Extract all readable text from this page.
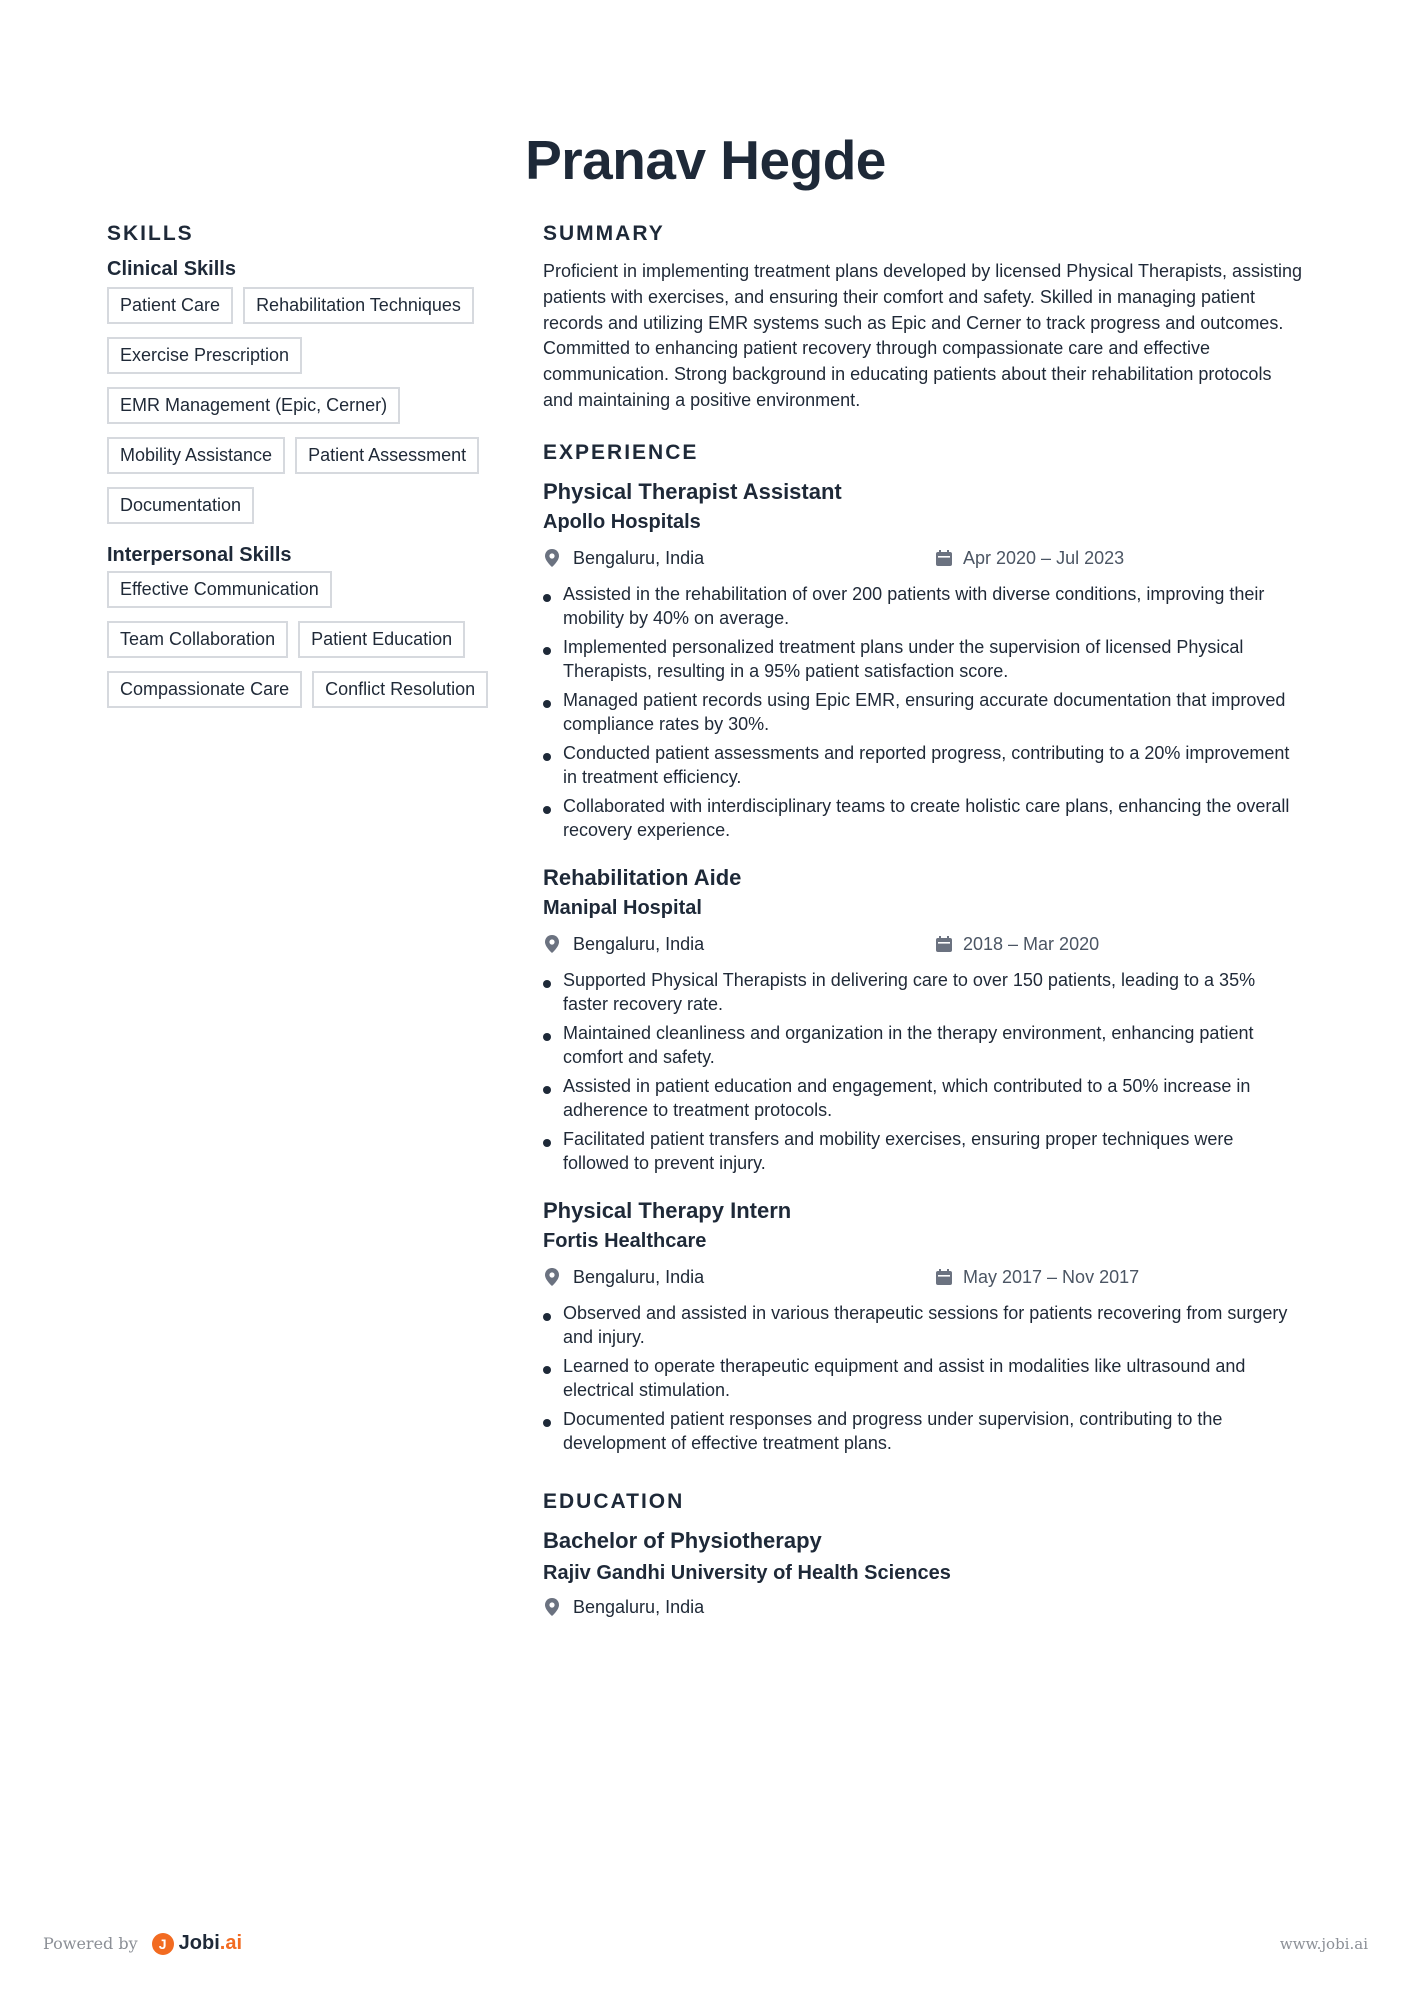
Pranav Hegde
SKILLS
Clinical Skills
Patient Care	Rehabilitation Techniques
Exercise Prescription
EMR Management (Epic, Cerner)
Mobility Assistance	Patient Assessment
Documentation
Interpersonal Skills
Effective Communication
Team Collaboration	Patient Education
Compassionate Care	Conflict Resolution
SUMMARY

Proficient in implementing treatment plans developed by licensed Physical Therapists, assisting patients with exercises, and ensuring their comfort and safety. Skilled in managing patient records and utilizing EMR systems such as Epic and Cerner to track progress and outcomes. Committed to enhancing patient recovery through compassionate care and effective communication. Strong background in educating patients about their rehabilitation protocols and maintaining a positive environment.

EXPERIENCE
Physical Therapist Assistant
Apollo Hospitals
Bengaluru, India	Apr 2020 – Jul 2023
Assisted in the rehabilitation of over 200 patients with diverse conditions, improving their mobility by 40% on average.
Implemented personalized treatment plans under the supervision of licensed Physical Therapists, resulting in a 95% patient satisfaction score.
Managed patient records using Epic EMR, ensuring accurate documentation that improved compliance rates by 30%.
Conducted patient assessments and reported progress, contributing to a 20% improvement in treatment efficiency.
Collaborated with interdisciplinary teams to create holistic care plans, enhancing the overall recovery experience.
Rehabilitation Aide
Manipal Hospital
Bengaluru, India	2018 – Mar 2020
Supported Physical Therapists in delivering care to over 150 patients, leading to a 35% faster recovery rate.
Maintained cleanliness and organization in the therapy environment, enhancing patient comfort and safety.
Assisted in patient education and engagement, which contributed to a 50% increase in adherence to treatment protocols.
Facilitated patient transfers and mobility exercises, ensuring proper techniques were followed to prevent injury.
Physical Therapy Intern
Fortis Healthcare
Bengaluru, India	May 2017 – Nov 2017
Observed and assisted in various therapeutic sessions for patients recovering from surgery and injury.
Learned to operate therapeutic equipment and assist in modalities like ultrasound and electrical stimulation.
Documented patient responses and progress under supervision, contributing to the development of effective treatment plans.
EDUCATION
Bachelor of Physiotherapy
Rajiv Gandhi University of Health Sciences
Bengaluru, India
Powered by	J Jobi.ai	www.jobi.ai
